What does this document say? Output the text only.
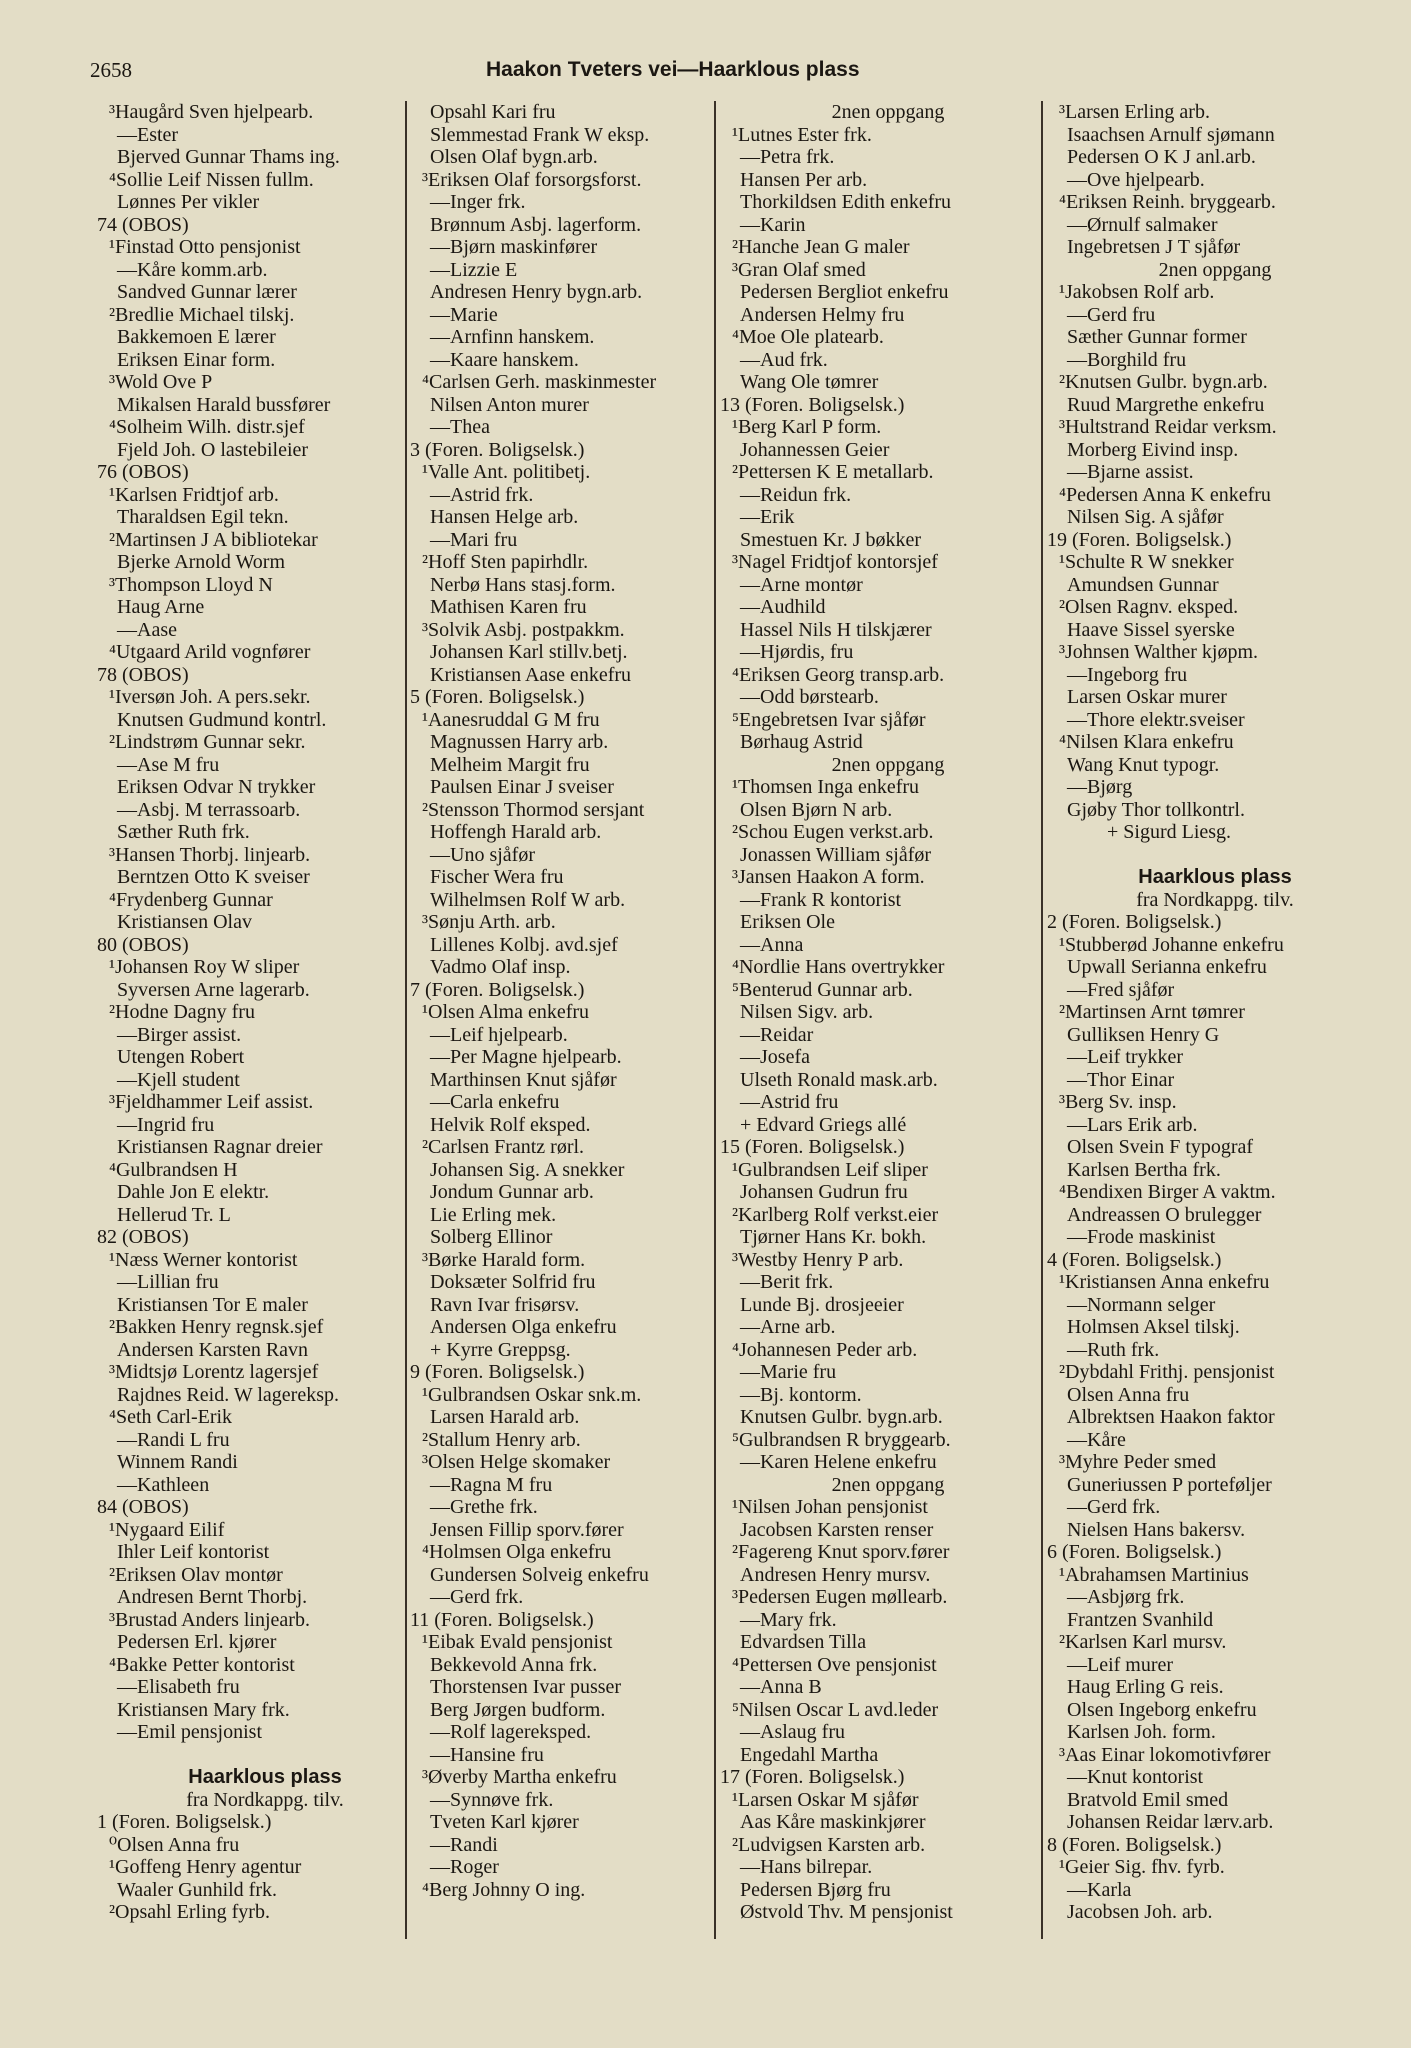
2658	Haakon Tveters vei—Haarklous plass
³Haugård Sven hjelpearb.
—Ester
Bjerved Gunnar Thams ing.
⁴Sollie Leif Nissen fullm.
Lønnes Per vikler
74 (OBOS)
¹Finstad Otto pensjonist
—Kåre komm.arb.
Sandved Gunnar lærer
²Bredlie Michael tilskj.
Bakkemoen E lærer
Eriksen Einar form.
³Wold Ove P
Mikalsen Harald bussfører
⁴Solheim Wilh. distr.sjef
Fjeld Joh. O lastebileier
76 (OBOS)
¹Karlsen Fridtjof arb.
Tharaldsen Egil tekn.
²Martinsen J A bibliotekar
Bjerke Arnold Worm
³Thompson Lloyd N
Haug Arne
—Aase
⁴Utgaard Arild vognfører
78 (OBOS)
¹Iversøn Joh. A pers.sekr.
Knutsen Gudmund kontrl.
²Lindstrøm Gunnar sekr.
—Ase M fru
Eriksen Odvar N trykker
—Asbj. M terrassoarb.
Sæther Ruth frk.
³Hansen Thorbj. linjearb.
Berntzen Otto K sveiser
⁴Frydenberg Gunnar
Kristiansen Olav
80 (OBOS)
¹Johansen Roy W sliper
Syversen Arne lagerarb.
²Hodne Dagny fru
—Birger assist.
Utengen Robert
—Kjell student
³Fjeldhammer Leif assist.
—Ingrid fru
Kristiansen Ragnar dreier
⁴Gulbrandsen H
Dahle Jon E elektr.
Hellerud Tr. L
82 (OBOS)
¹Næss Werner kontorist
—Lillian fru
Kristiansen Tor E maler
²Bakken Henry regnsk.sjef
Andersen Karsten Ravn
³Midtsjø Lorentz lagersjef
Rajdnes Reid. W lagereksp.
⁴Seth Carl-Erik
—Randi L fru
Winnem Randi
—Kathleen
84 (OBOS)
¹Nygaard Eilif
Ihler Leif kontorist
²Eriksen Olav montør
Andresen Bernt Thorbj.
³Brustad Anders linjearb.
Pedersen Erl. kjører
⁴Bakke Petter kontorist
—Elisabeth fru
Kristiansen Mary frk.
—Emil pensjonist
Haarklous plass
fra Nordkappg. tilv.
1 (Foren. Boligselsk.)
⁰Olsen Anna fru
¹Goffeng Henry agentur
Waaler Gunhild frk.
²Opsahl Erling fyrb.
Opsahl Kari fru
Slemmestad Frank W eksp.
Olsen Olaf bygn.arb.
³Eriksen Olaf forsorgsforst.
—Inger frk.
Brønnum Asbj. lagerform.
—Bjørn maskinfører
—Lizzie E
Andresen Henry bygn.arb.
—Marie
—Arnfinn hanskem.
—Kaare hanskem.
⁴Carlsen Gerh. maskinmester
Nilsen Anton murer
—Thea
3 (Foren. Boligselsk.)
¹Valle Ant. politibetj.
—Astrid frk.
Hansen Helge arb.
—Mari fru
²Hoff Sten papirhdlr.
Nerbø Hans stasj.form.
Mathisen Karen fru
³Solvik Asbj. postpakkm.
Johansen Karl stillv.betj.
Kristiansen Aase enkefru
5 (Foren. Boligselsk.)
¹Aanesruddal G M fru
Magnussen Harry arb.
Melheim Margit fru
Paulsen Einar J sveiser
²Stensson Thormod sersjant
Hoffengh Harald arb.
—Uno sjåfør
Fischer Wera fru
Wilhelmsen Rolf W arb.
³Sønju Arth. arb.
Lillenes Kolbj. avd.sjef
Vadmo Olaf insp.
7 (Foren. Boligselsk.)
¹Olsen Alma enkefru
—Leif hjelpearb.
—Per Magne hjelpearb.
Marthinsen Knut sjåfør
—Carla enkefru
Helvik Rolf eksped.
²Carlsen Frantz rørl.
Johansen Sig. A snekker
Jondum Gunnar arb.
Lie Erling mek.
Solberg Ellinor
³Børke Harald form.
Doksæter Solfrid fru
Ravn Ivar frisørsv.
Andersen Olga enkefru
+ Kyrre Greppsg.
9 (Foren. Boligselsk.)
¹Gulbrandsen Oskar snk.m.
Larsen Harald arb.
²Stallum Henry arb.
³Olsen Helge skomaker
—Ragna M fru
—Grethe frk.
Jensen Fillip sporv.fører
⁴Holmsen Olga enkefru
Gundersen Solveig enkefru
—Gerd frk.
11 (Foren. Boligselsk.)
¹Eibak Evald pensjonist
Bekkevold Anna frk.
Thorstensen Ivar pusser
Berg Jørgen budform.
—Rolf lagereksped.
—Hansine fru
³Øverby Martha enkefru
—Synnøve frk.
Tveten Karl kjører
—Randi
—Roger
⁴Berg Johnny O ing.
2nen oppgang
¹Lutnes Ester frk.
—Petra frk.
Hansen Per arb.
Thorkildsen Edith enkefru
—Karin
²Hanche Jean G maler
³Gran Olaf smed
Pedersen Bergliot enkefru
Andersen Helmy fru
⁴Moe Ole platearb.
—Aud frk.
Wang Ole tømrer
13 (Foren. Boligselsk.)
¹Berg Karl P form.
Johannessen Geier
²Pettersen K E metallarb.
—Reidun frk.
—Erik
Smestuen Kr. J bøkker
³Nagel Fridtjof kontorsjef
—Arne montør
—Audhild
Hassel Nils H tilskjærer
—Hjørdis, fru
⁴Eriksen Georg transp.arb.
—Odd børstearb.
⁵Engebretsen Ivar sjåfør
Børhaug Astrid
2nen oppgang
¹Thomsen Inga enkefru
Olsen Bjørn N arb.
²Schou Eugen verkst.arb.
Jonassen William sjåfør
³Jansen Haakon A form.
—Frank R kontorist
Eriksen Ole
—Anna
⁴Nordlie Hans overtrykker
⁵Benterud Gunnar arb.
Nilsen Sigv. arb.
—Reidar
—Josefa
Ulseth Ronald mask.arb.
—Astrid fru
+ Edvard Griegs allé
15 (Foren. Boligselsk.)
¹Gulbrandsen Leif sliper
Johansen Gudrun fru
²Karlberg Rolf verkst.eier
Tjørner Hans Kr. bokh.
³Westby Henry P arb.
—Berit frk.
Lunde Bj. drosjeeier
—Arne arb.
⁴Johannesen Peder arb.
—Marie fru
—Bj. kontorm.
Knutsen Gulbr. bygn.arb.
⁵Gulbrandsen R bryggearb.
—Karen Helene enkefru
2nen oppgang
¹Nilsen Johan pensjonist
Jacobsen Karsten renser
²Fagereng Knut sporv.fører
Andresen Henry mursv.
³Pedersen Eugen møllearb.
—Mary frk.
Edvardsen Tilla
⁴Pettersen Ove pensjonist
—Anna B
⁵Nilsen Oscar L avd.leder
—Aslaug fru
Engedahl Martha
17 (Foren. Boligselsk.)
¹Larsen Oskar M sjåfør
Aas Kåre maskinkjører
²Ludvigsen Karsten arb.
—Hans bilrepar.
Pedersen Bjørg fru
Østvold Thv. M pensjonist
³Larsen Erling arb.
Isaachsen Arnulf sjømann
Pedersen O K J anl.arb.
—Ove hjelpearb.
⁴Eriksen Reinh. bryggearb.
—Ørnulf salmaker
Ingebretsen J T sjåfør
2nen oppgang
¹Jakobsen Rolf arb.
—Gerd fru
Sæther Gunnar former
—Borghild fru
²Knutsen Gulbr. bygn.arb.
Ruud Margrethe enkefru
³Hultstrand Reidar verksm.
Morberg Eivind insp.
—Bjarne assist.
⁴Pedersen Anna K enkefru
Nilsen Sig. A sjåfør
19 (Foren. Boligselsk.)
¹Schulte R W snekker
Amundsen Gunnar
²Olsen Ragnv. eksped.
Haave Sissel syerske
³Johnsen Walther kjøpm.
—Ingeborg fru
Larsen Oskar murer
—Thore elektr.sveiser
⁴Nilsen Klara enkefru
Wang Knut typogr.
—Bjørg
Gjøby Thor tollkontrl.
+ Sigurd Liesg.
Haarklous plass
fra Nordkappg. tilv.
2 (Foren. Boligselsk.)
¹Stubberød Johanne enkefru
Upwall Serianna enkefru
—Fred sjåfør
²Martinsen Arnt tømrer
Gulliksen Henry G
—Leif trykker
—Thor Einar
³Berg Sv. insp.
—Lars Erik arb.
Olsen Svein F typograf
Karlsen Bertha frk.
⁴Bendixen Birger A vaktm.
Andreassen O brulegger
—Frode maskinist
4 (Foren. Boligselsk.)
¹Kristiansen Anna enkefru
—Normann selger
Holmsen Aksel tilskj.
—Ruth frk.
²Dybdahl Frithj. pensjonist
Olsen Anna fru
Albrektsen Haakon faktor
—Kåre
³Myhre Peder smed
Guneriussen P porteføljer
—Gerd frk.
Nielsen Hans bakersv.
6 (Foren. Boligselsk.)
¹Abrahamsen Martinius
—Asbjørg frk.
Frantzen Svanhild
²Karlsen Karl mursv.
—Leif murer
Haug Erling G reis.
Olsen Ingeborg enkefru
Karlsen Joh. form.
³Aas Einar lokomotivfører
—Knut kontorist
Bratvold Emil smed
Johansen Reidar lærv.arb.
8 (Foren. Boligselsk.)
¹Geier Sig. fhv. fyrb.
—Karla
Jacobsen Joh. arb.
